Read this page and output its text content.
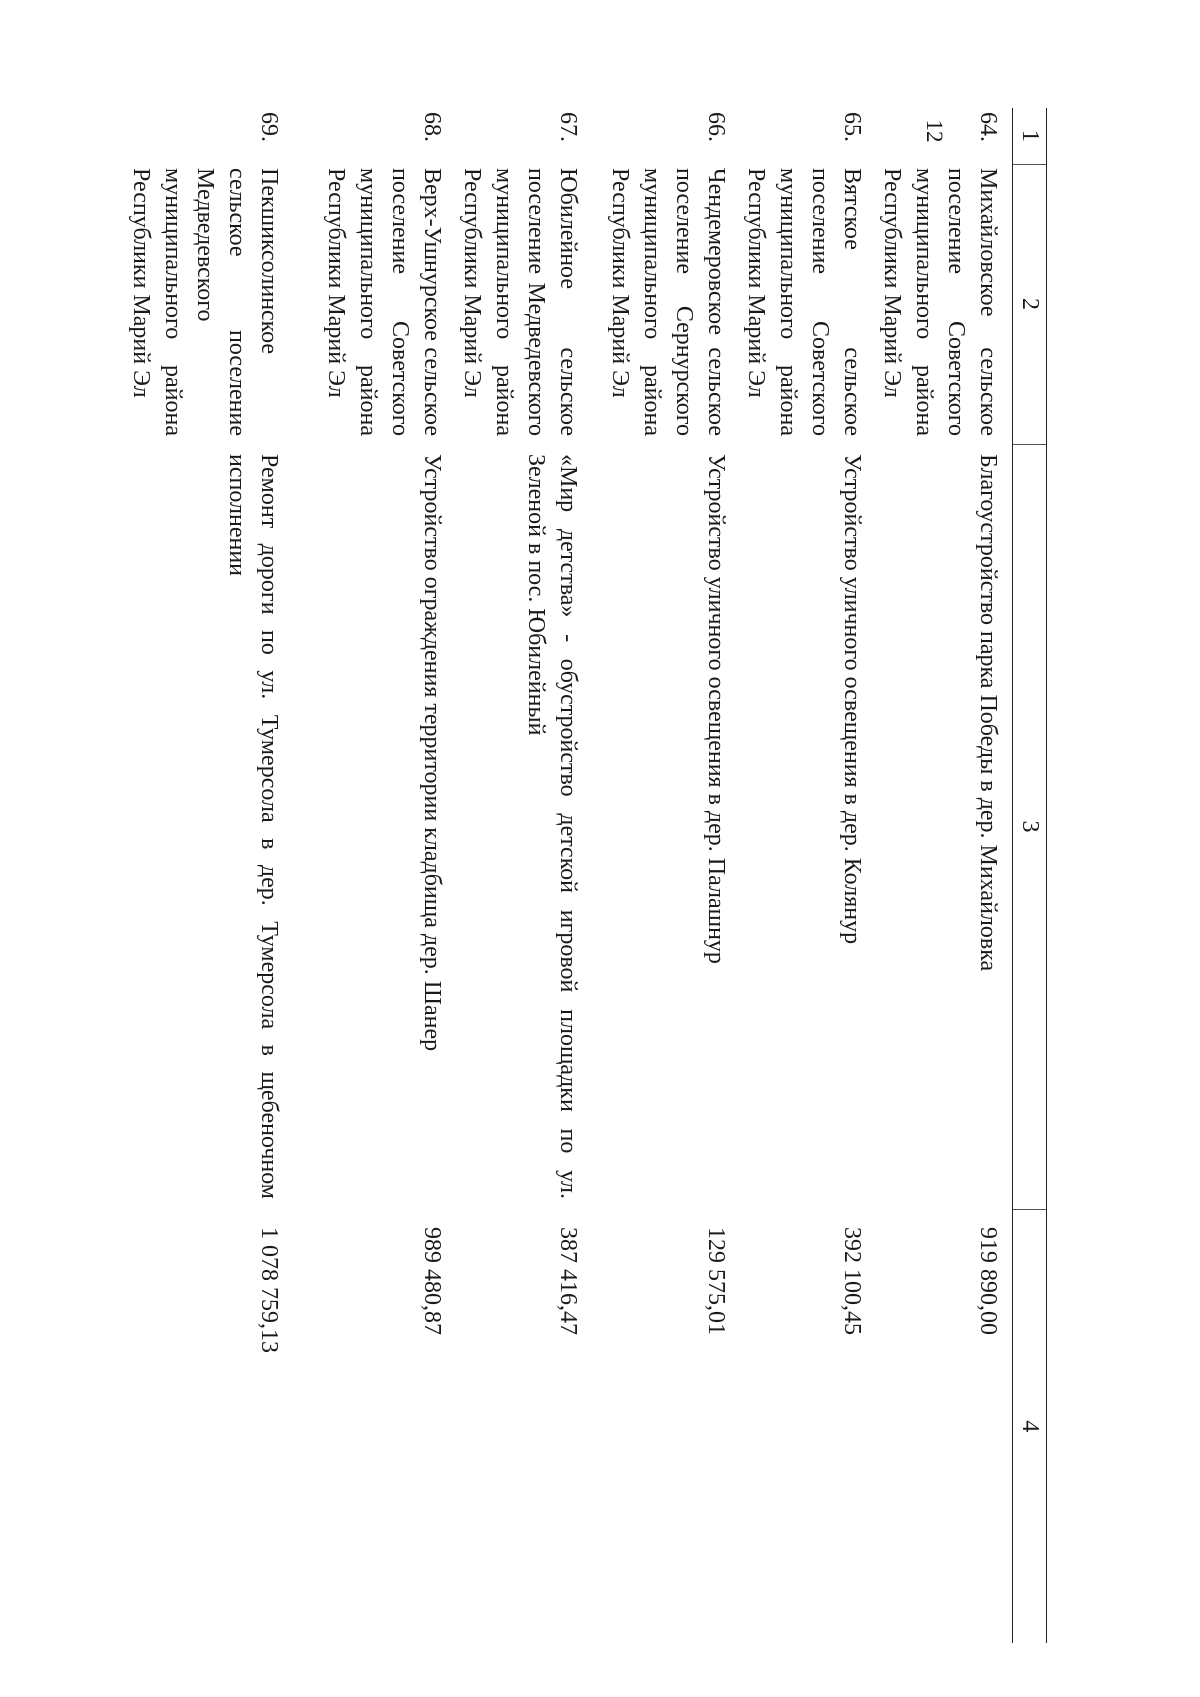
12	1	2	3	4
64.	Михайловское сельское поселение Советского муниципального района Республики Марий Эл	Благоустройство парка Победы в дер. Михайловка	919 890,00
65.	Вятское сельское поселение Советского муниципального района Республики Марий Эл	Устройство уличного освещения в дер. Колянур	392 100,45
66.	Чендемеровское сельское поселение Сернурского муниципального района Республики Марий Эл	Устройство уличного освещения в дер. Палашнур	129 575,01
67.	Юбилейное сельское поселение Медведевского муниципального района Республики Марий Эл	«Мир детства» - обустройство детской игровой площадки по ул. Зеленой в пос. Юбилейный	387 416,47
68.	Верх-Ушнурское сельское поселение Советского муниципального района Республики Марий Эл	Устройство ограждения территории кладбища дер. Шанер	989 480,87
69.	Пекшиксолинское сельское поселение Медведевского муниципального района Республики Марий Эл	Ремонт дороги по ул. Тумерсола в дер. Тумерсола в щебеночном исполнении	1 078 759,13
